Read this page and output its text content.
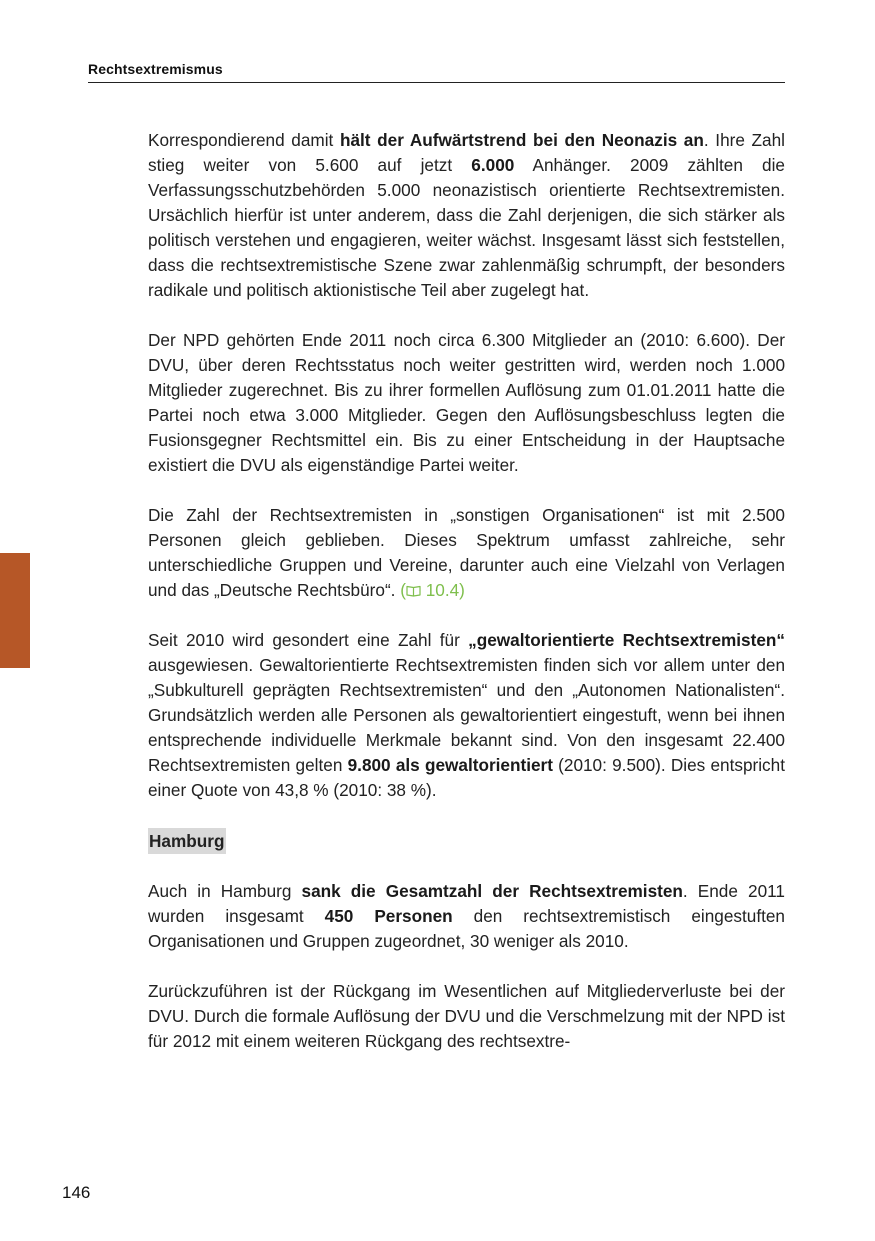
Rechtsextremismus

Korrespondierend damit hält der Aufwärtstrend bei den Neonazis an. Ihre Zahl stieg weiter von 5.600 auf jetzt 6.000 Anhänger. 2009 zählten die Verfassungsschutzbehörden 5.000 neonazistisch orientierte Rechtsextremisten. Ursächlich hierfür ist unter anderem, dass die Zahl derjenigen, die sich stärker als politisch verstehen und engagieren, weiter wächst. Insgesamt lässt sich feststellen, dass die rechtsextremistische Szene zwar zahlenmäßig schrumpft, der besonders radikale und politisch aktionistische Teil aber zugelegt hat.

Der NPD gehörten Ende 2011 noch circa 6.300 Mitglieder an (2010: 6.600). Der DVU, über deren Rechtsstatus noch weiter gestritten wird, werden noch 1.000 Mitglieder zugerechnet. Bis zu ihrer formellen Auflösung zum 01.01.2011 hatte die Partei noch etwa 3.000 Mitglieder. Gegen den Auflösungsbeschluss legten die Fusionsgegner Rechtsmittel ein. Bis zu einer Entscheidung in der Hauptsache existiert die DVU als eigenständige Partei weiter.

Die Zahl der Rechtsextremisten in „sonstigen Organisationen“ ist mit 2.500 Personen gleich geblieben. Dieses Spektrum umfasst zahlreiche, sehr unterschiedliche Gruppen und Vereine, darunter auch eine Vielzahl von Verlagen und das „Deutsche Rechtsbüro“. ( 10.4)

Seit 2010 wird gesondert eine Zahl für „gewaltorientierte Rechtsextremisten“ ausgewiesen. Gewaltorientierte Rechtsextremisten finden sich vor allem unter den „Subkulturell geprägten Rechtsextremisten“ und den „Autonomen Nationalisten“. Grundsätzlich werden alle Personen als gewaltorientiert eingestuft, wenn bei ihnen entsprechende individuelle Merkmale bekannt sind. Von den insgesamt 22.400 Rechtsextremisten gelten 9.800 als gewaltorientiert (2010: 9.500). Dies entspricht einer Quote von 43,8 % (2010: 38 %).

Hamburg

Auch in Hamburg sank die Gesamtzahl der Rechtsextremisten. Ende 2011 wurden insgesamt 450 Personen den rechtsextremistisch eingestuften Organisationen und Gruppen zugeordnet, 30 weniger als 2010.

Zurückzuführen ist der Rückgang im Wesentlichen auf Mitgliederverluste bei der DVU. Durch die formale Auflösung der DVU und die Verschmelzung mit der NPD ist für 2012 mit einem weiteren Rückgang des rechtsextre-

146
